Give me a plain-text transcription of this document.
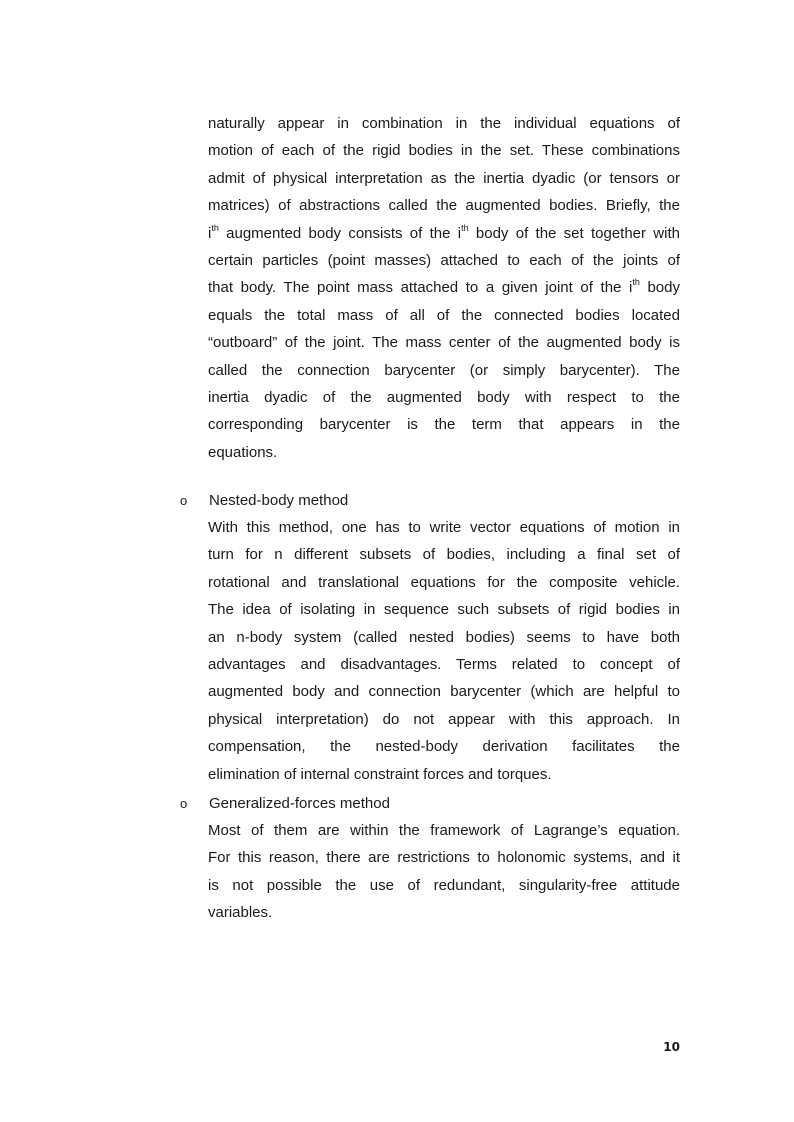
naturally appear in combination in the individual equations of
motion of each of the rigid bodies in the set. These combinations
admit of physical interpretation as the inertia dyadic (or tensors or
matrices) of abstractions called the augmented bodies. Briefly, the
$i^{th}$ augmented body consists of the $i^{th}$ body of the set together with
certain particles (point masses) attached to each of the joints of
that body. The point mass attached to a given joint of the $i^{th}$ body
equals the total mass of all of the connected bodies located
“outboard” of the joint. The mass center of the augmented body is
called the connection barycenter (or simply barycenter). The
inertia dyadic of the augmented body with respect to the
corresponding barycenter is the term that appears in the
equations.
o Nested-body method
With this method, one has to write vector equations of motion in
turn for n different subsets of bodies, including a final set of
rotational and translational equations for the composite vehicle.
The idea of isolating in sequence such subsets of rigid bodies in
an n-body system (called nested bodies) seems to have both
advantages and disadvantages. Terms related to concept of
augmented body and connection barycenter (which are helpful to
physical interpretation) do not appear with this approach. In
compensation, the nested-body derivation facilitates the
elimination of internal constraint forces and torques.
o Generalized-forces method
Most of them are within the framework of Lagrange’s equation.
For this reason, there are restrictions to holonomic systems, and it
is not possible the use of redundant, singularity-free attitude
variables.
10
